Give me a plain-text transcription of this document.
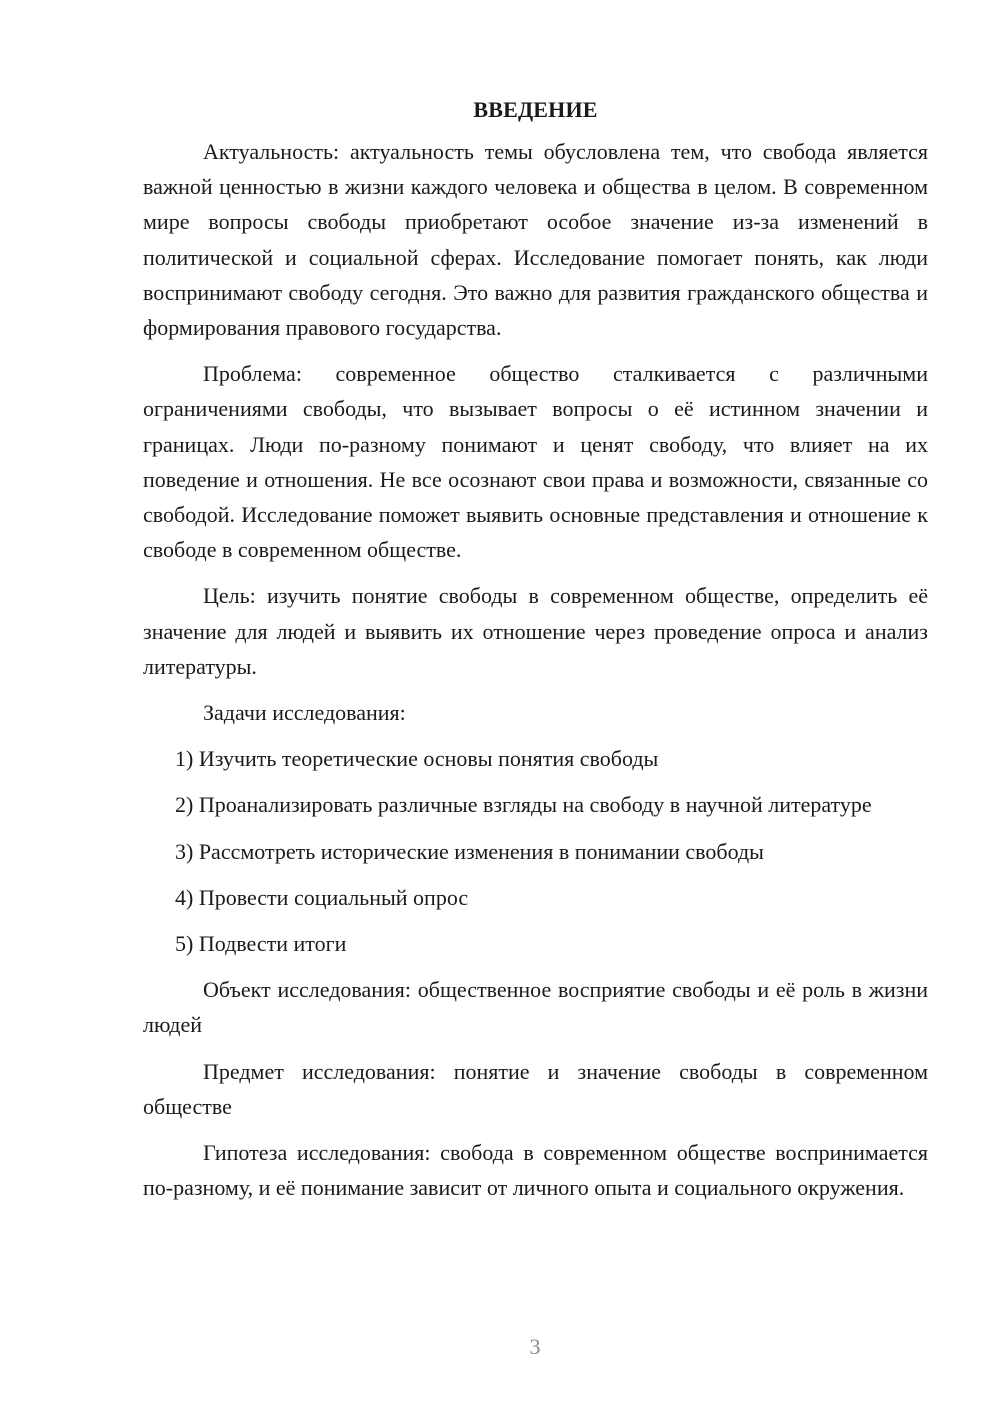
ВВЕДЕНИЕ

Актуальность: актуальность темы обусловлена тем, что свобода является важной ценностью в жизни каждого человека и общества в целом. В современном мире вопросы свободы приобретают особое значение из-за изменений в политической и социальной сферах. Исследование помогает понять, как люди воспринимают свободу сегодня. Это важно для развития гражданского общества и формирования правового государства.

Проблема: современное общество сталкивается с различными ограничениями свободы, что вызывает вопросы о её истинном значении и границах. Люди по-разному понимают и ценят свободу, что влияет на их поведение и отношения. Не все осознают свои права и возможности, связанные со свободой. Исследование поможет выявить основные представления и отношение к свободе в современном обществе.

Цель: изучить понятие свободы в современном обществе, определить её значение для людей и выявить их отношение через проведение опроса и анализ литературы.

Задачи исследования:

1) Изучить теоретические основы понятия свободы

2) Проанализировать различные взгляды на свободу в научной литературе

3) Рассмотреть исторические изменения в понимании свободы

4) Провести социальный опрос

5) Подвести итоги

Объект исследования: общественное восприятие свободы и её роль в жизни людей

Предмет исследования: понятие и значение свободы в современном обществе

Гипотеза исследования: свобода в современном обществе воспринимается по-разному, и её понимание зависит от личного опыта и социального окружения.

3
